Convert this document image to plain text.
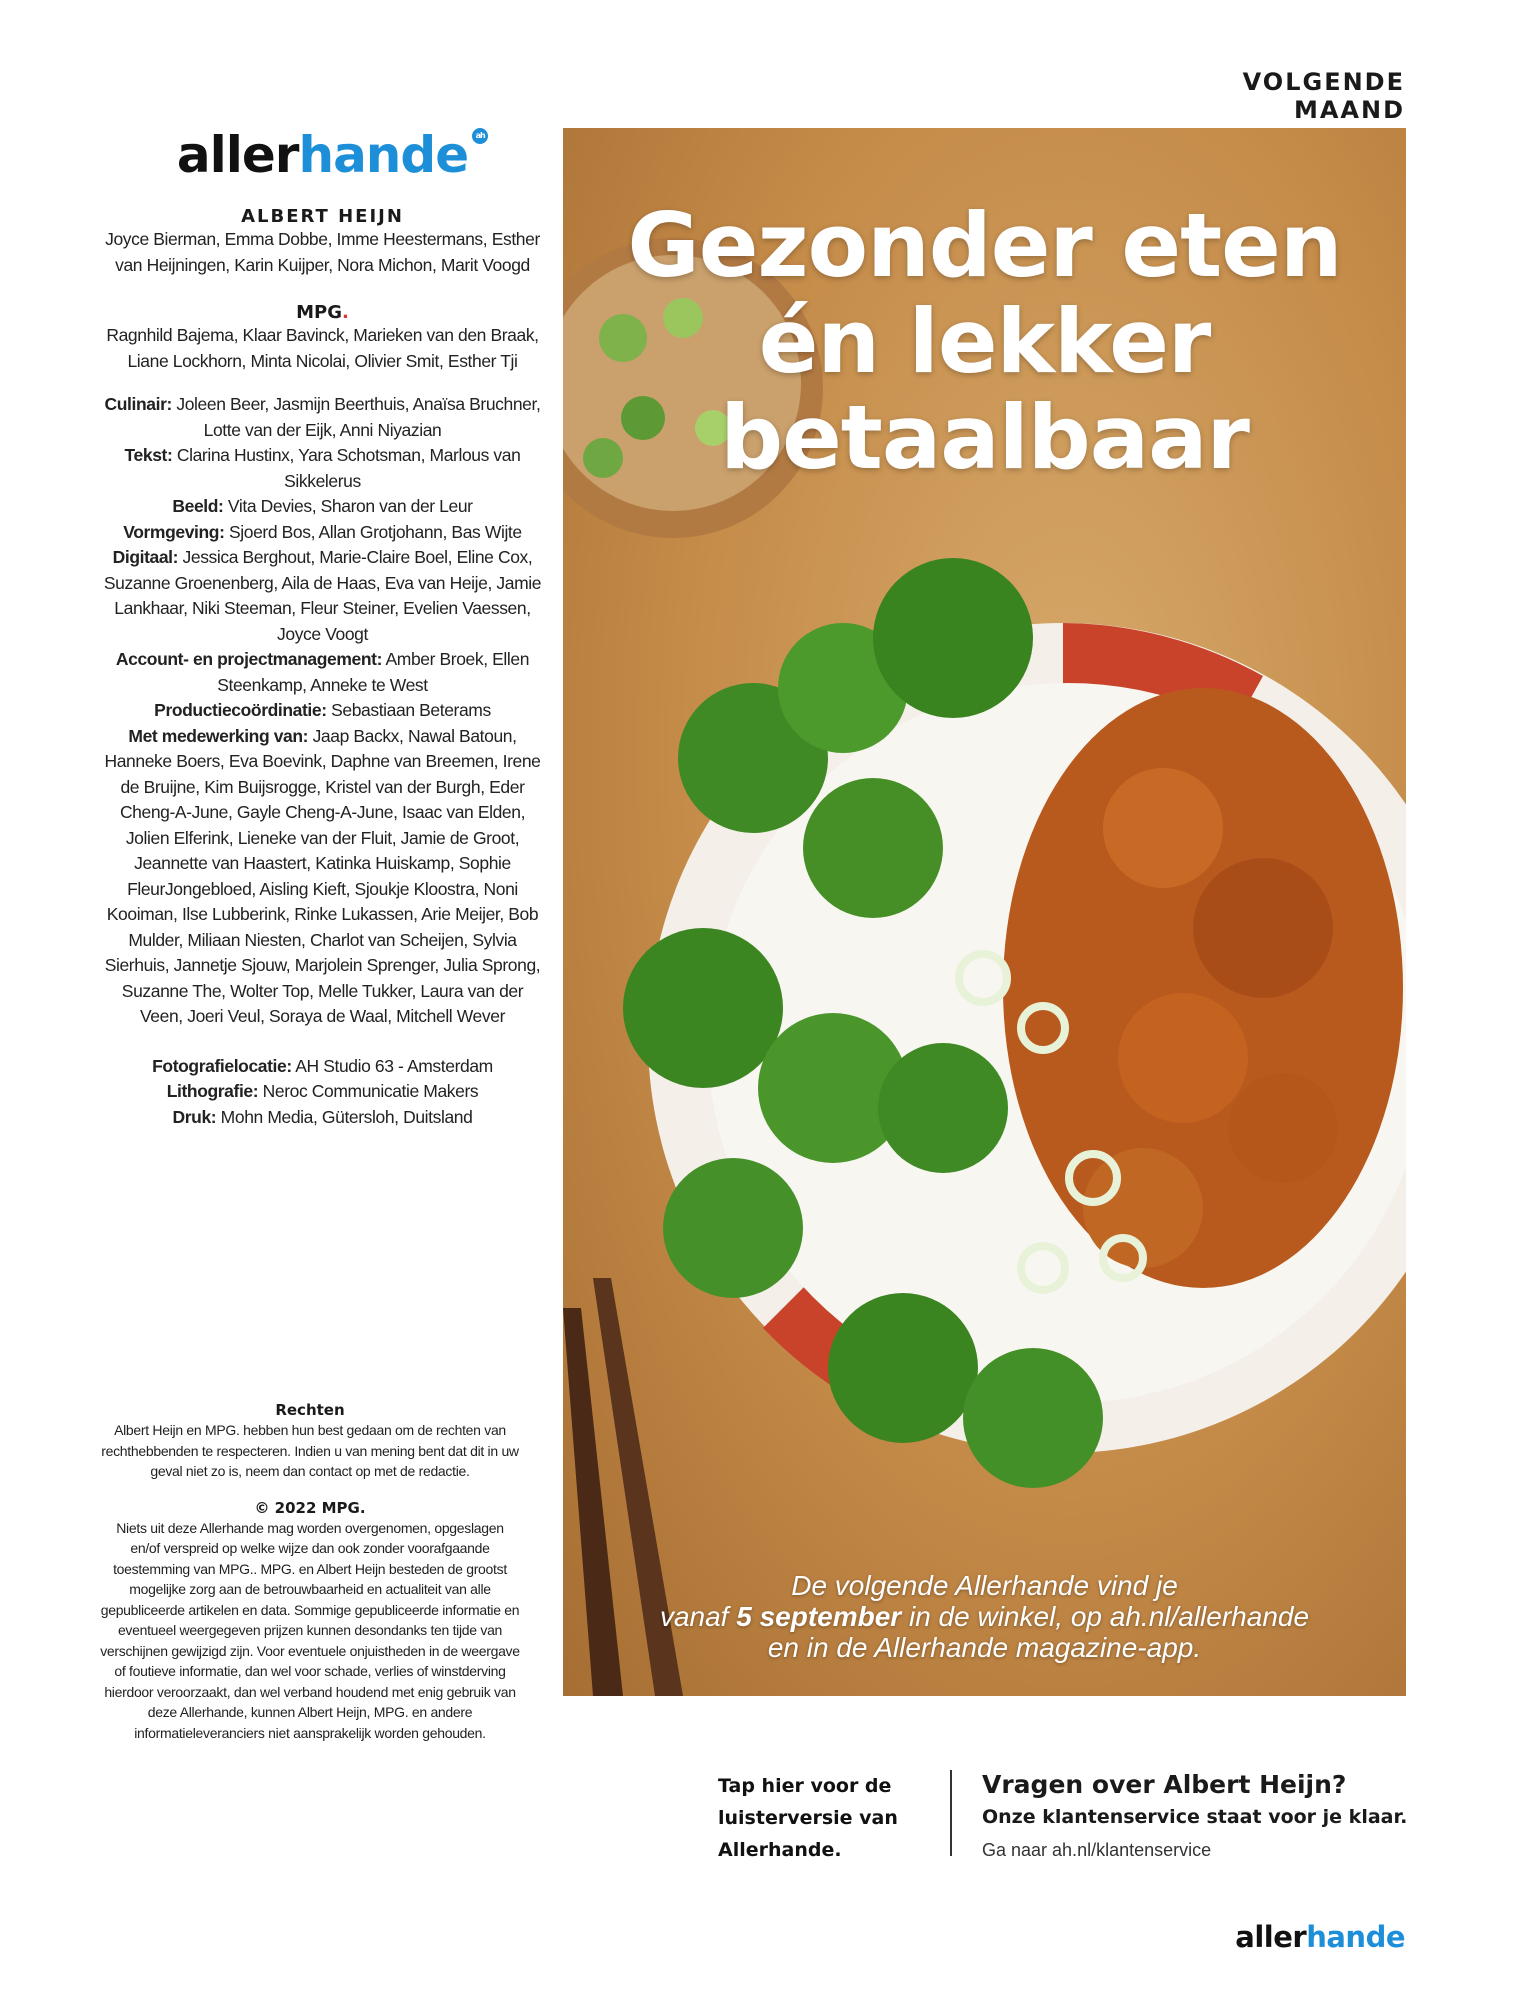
VOLGENDE MAAND
allerhande ah
ALBERT HEIJN

Joyce Bierman, Emma Dobbe, Imme Heestermans, Esther van Heijningen, Karin Kuijper, Nora Michon, Marit Voogd

MPG.

Ragnhild Bajema, Klaar Bavinck, Marieken van den Braak, Liane Lockhorn, Minta Nicolai, Olivier Smit, Esther Tji

Culinair: Joleen Beer, Jasmijn Beerthuis, Anaïsa Bruchner, Lotte van der Eijk, Anni Niyazian

Tekst: Clarina Hustinx, Yara Schotsman, Marlous van Sikkelerus

Beeld: Vita Devies, Sharon van der Leur

Vormgeving: Sjoerd Bos, Allan Grotjohann, Bas Wijte

Digitaal: Jessica Berghout, Marie-Claire Boel, Eline Cox, Suzanne Groenenberg, Aila de Haas, Eva van Heije, Jamie Lankhaar, Niki Steeman, Fleur Steiner, Evelien Vaessen, Joyce Voogt

Account- en projectmanagement: Amber Broek, Ellen Steenkamp, Anneke te West

Productiecoördinatie: Sebastiaan Beterams

Met medewerking van: Jaap Backx, Nawal Batoun, Hanneke Boers, Eva Boevink, Daphne van Breemen, Irene de Bruijne, Kim Buijsrogge, Kristel van der Burgh, Eder Cheng-A-June, Gayle Cheng-A-June, Isaac van Elden, Jolien Elferink, Lieneke van der Fluit, Jamie de Groot, Jeannette van Haastert, Katinka Huiskamp, Sophie FleurJongebloed, Aisling Kieft, Sjoukje Kloostra, Noni Kooiman, Ilse Lubberink, Rinke Lukassen, Arie Meijer, Bob Mulder, Miliaan Niesten, Charlot van Scheijen, Sylvia Sierhuis, Jannetje Sjouw, Marjolein Sprenger, Julia Sprong, Suzanne The, Wolter Top, Melle Tukker, Laura van der Veen, Joeri Veul, Soraya de Waal, Mitchell Wever

Fotografielocatie: AH Studio 63 - Amsterdam

Lithografie: Neroc Communicatie Makers

Druk: Mohn Media, Gütersloh, Duitsland

Rechten

Albert Heijn en MPG. hebben hun best gedaan om de rechten van rechthebbenden te respecteren. Indien u van mening bent dat dit in uw geval niet zo is, neem dan contact op met de redactie.

© 2022 MPG.

Niets uit deze Allerhande mag worden overgenomen, opgeslagen en/of verspreid op welke wijze dan ook zonder voorafgaande toestemming van MPG.. MPG. en Albert Heijn besteden de grootst mogelijke zorg aan de betrouwbaarheid en actualiteit van alle gepubliceerde artikelen en data. Sommige gepubliceerde informatie en eventueel weergegeven prijzen kunnen desondanks ten tijde van verschijnen gewijzigd zijn. Voor eventuele onjuistheden in de weergave of foutieve informatie, dan wel voor schade, verlies of winstderving hierdoor veroorzaakt, dan wel verband houdend met enig gebruik van deze Allerhande, kunnen Albert Heijn, MPG. en andere informatieleveranciers niet aansprakelijk worden gehouden.

Gezonder eten
én lekker
betaalbaar
De volgende Allerhande vind je
vanaf 5 september in de winkel, op ah.nl/allerhande
en in de Allerhande magazine-app.
Tap hier voor de luisterversie van Allerhande.
Vragen over Albert Heijn?
Onze klantenservice staat voor je klaar.
Ga naar ah.nl/klantenservice
allerhande
